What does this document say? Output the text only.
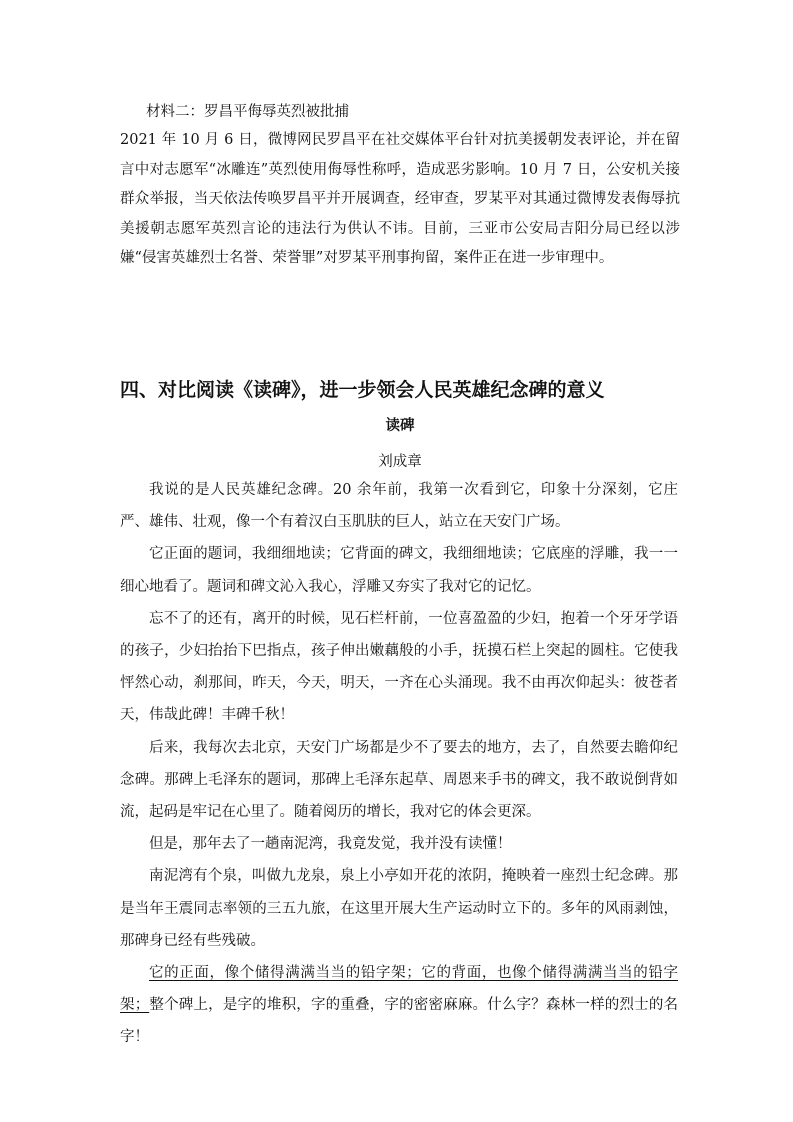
材料二：罗昌平侮辱英烈被批捕

2021 年 10 月 6 日，微博网民罗昌平在社交媒体平台针对抗美援朝发表评论，并在留言中对志愿军“冰雕连”英烈使用侮辱性称呼，造成恶劣影响。10 月 7 日，公安机关接群众举报，当天依法传唤罗昌平并开展调查，经审查，罗某平对其通过微博发表侮辱抗美援朝志愿军英烈言论的违法行为供认不讳。目前，三亚市公安局吉阳分局已经以涉嫌“侵害英雄烈士名誉、荣誉罪”对罗某平刑事拘留，案件正在进一步审理中。

四、对比阅读《读碑》，进一步领会人民英雄纪念碑的意义
读碑

刘成章

我说的是人民英雄纪念碑。20 余年前，我第一次看到它，印象十分深刻，它庄严、雄伟、壮观，像一个有着汉白玉肌肤的巨人，站立在天安门广场。

它正面的题词，我细细地读；它背面的碑文，我细细地读；它底座的浮雕，我一一细心地看了。题词和碑文沁入我心，浮雕又夯实了我对它的记忆。

忘不了的还有，离开的时候，见石栏杆前，一位喜盈盈的少妇，抱着一个牙牙学语的孩子，少妇抬抬下巴指点，孩子伸出嫩藕般的小手，抚摸石栏上突起的圆柱。它使我怦然心动，刹那间，昨天，今天，明天，一齐在心头涌现。我不由再次仰起头：彼苍者天，伟哉此碑！丰碑千秋！

后来，我每次去北京，天安门广场都是少不了要去的地方，去了，自然要去瞻仰纪念碑。那碑上毛泽东的题词，那碑上毛泽东起草、周恩来手书的碑文，我不敢说倒背如流，起码是牢记在心里了。随着阅历的增长，我对它的体会更深。

但是，那年去了一趟南泥湾，我竟发觉，我并没有读懂！

南泥湾有个泉，叫做九龙泉，泉上小亭如开花的浓阴，掩映着一座烈士纪念碑。那是当年王震同志率领的三五九旅，在这里开展大生产运动时立下的。多年的风雨剥蚀，那碑身已经有些残破。

它的正面，像个储得满满当当的铅字架；它的背面，也像个储得满满当当的铅字架；整个碑上，是字的堆积，字的重叠，字的密密麻麻。什么字？森林一样的烈士的名字！
